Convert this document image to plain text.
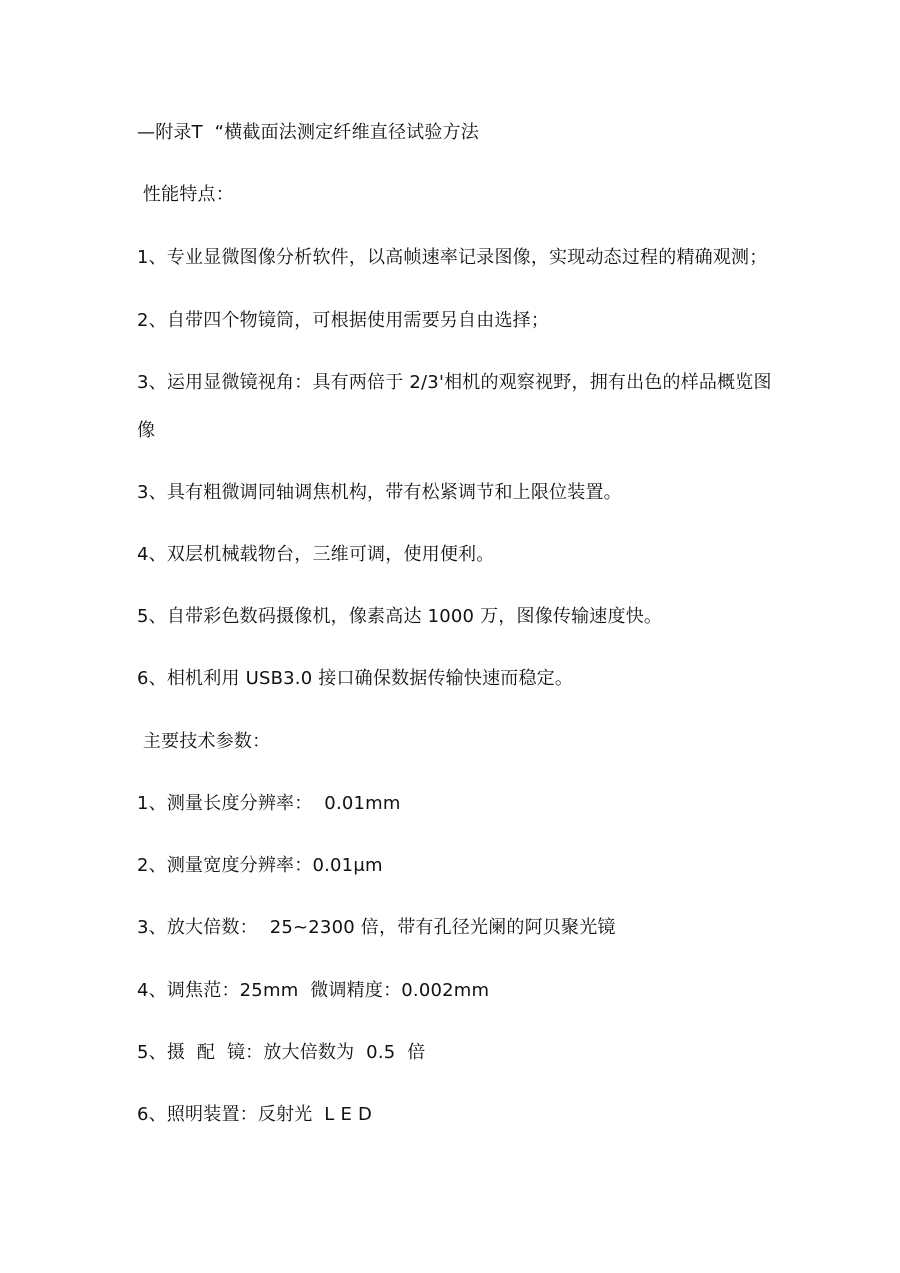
—附录T  “横截面法测定纤维直径试验方法
性能特点：
1、专业显微图像分析软件，以高帧速率记录图像，实现动态过程的精确观测；
2、自带四个物镜筒，可根据使用需要另自由选择；
3、运用显微镜视角：具有两倍于 2/3'相机的观察视野，拥有出色的样品概览图
像
3、具有粗微调同轴调焦机构，带有松紧调节和上限位装置。
4、双层机械载物台，三维可调，使用便利。
5、自带彩色数码摄像机，像素高达 1000 万，图像传输速度快。
6、相机利用 USB3.0 接口确保数据传输快速而稳定。
主要技术参数：
1、测量长度分辨率：  0.01mm
2、测量宽度分辨率：0.01μm
3、放大倍数：  25~2300 倍，带有孔径光阑的阿贝聚光镜
4、调焦范：25mm  微调精度：0.002mm
5、摄  配  镜：放大倍数为  0.5  倍
6、照明装置：反射光  L E D
